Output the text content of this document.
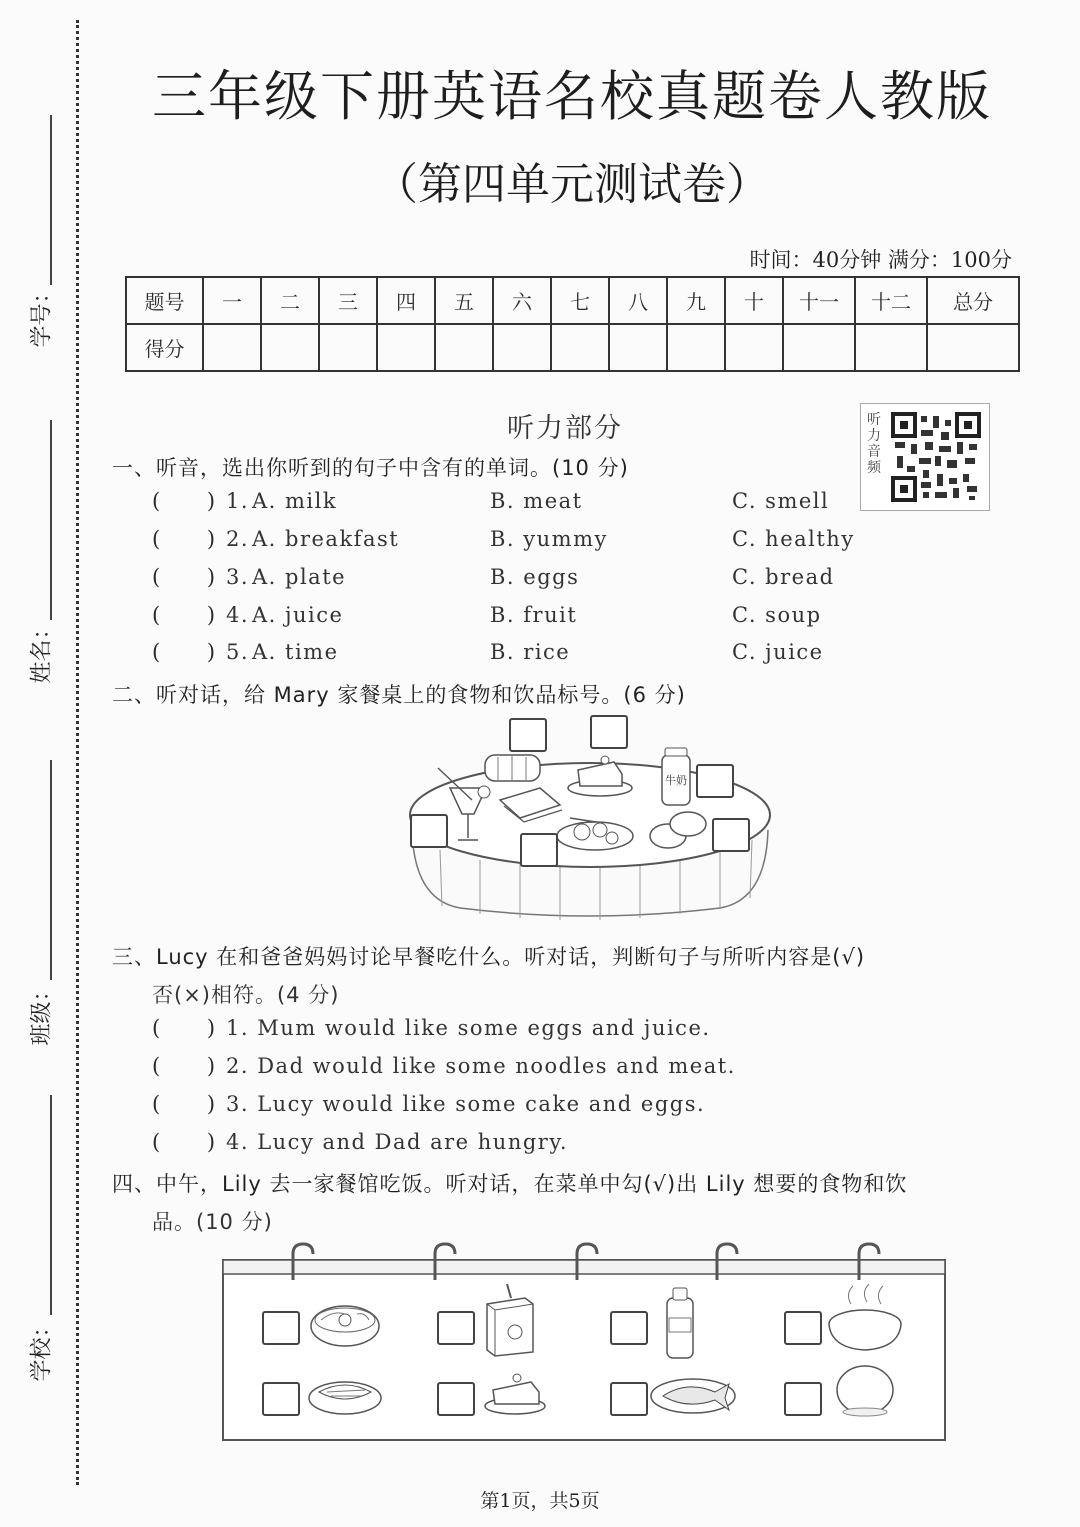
学号：
姓名：
班级：
学校：
三年级下册英语名校真题卷人教版
（第四单元测试卷）
时间：40分钟 满分：100分
题号	一	二	三	四	五	六	七	八	九	十	十一	十二	总分
得分													
听力部分	听力音频
一、听音，选出你听到的句子中含有的单词。(10 分)
(       ) 1. A. milk	B. meat	C. smell
(       ) 2. A. breakfast	B. yummy	C. healthy
(       ) 3. A. plate	B. eggs	C. bread
(       ) 4. A. juice	B. fruit	C. soup
(       ) 5. A. time	B. rice	C. juice
二、听对话，给 Mary 家餐桌上的食物和饮品标号。(6 分)
牛奶
三、Lucy 在和爸爸妈妈讨论早餐吃什么。听对话，判断句子与所听内容是(√)
否(×)相符。(4 分)
(       ) 1. Mum would like some eggs and juice.
(       ) 2. Dad would like some noodles and meat.
(       ) 3. Lucy would like some cake and eggs.
(       ) 4. Lucy and Dad are hungry.
四、中午，Lily 去一家餐馆吃饭。听对话，在菜单中勾(√)出 Lily 想要的食物和饮
品。(10 分)
第1页，共5页
